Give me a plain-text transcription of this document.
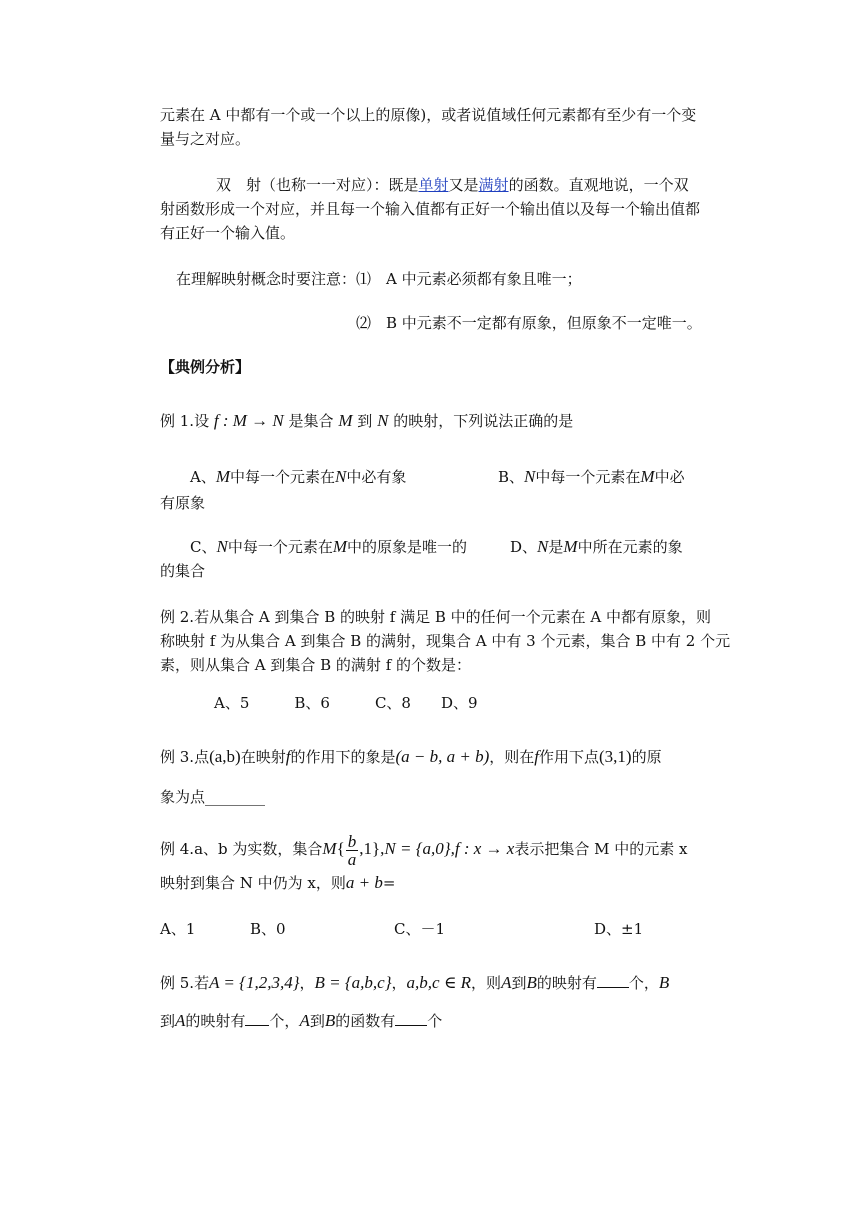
元素在 A 中都有一个或一个以上的原像)，或者说值域任何元素都有至少有一个变
量与之对应。
双　射（也称一一对应）：既是单射又是满射的函数。直观地说，一个双
射函数形成一个对应，并且每一个输入值都有正好一个输出值以及每一个输出值都
有正好一个输入值。
在理解映射概念时要注意：⑴　A 中元素必须都有象且唯一；
⑵　B 中元素不一定都有原象，但原象不一定唯一。
【典例分析】
例 1.设 f : M → N 是集合 M 到 N 的映射，下列说法正确的是
A、M中每一个元素在N中必有象	B、N中每一个元素在M中必
有原象
C、N中每一个元素在M中的原象是唯一的	D、N是M中所在元素的象
的集合
例 2.若从集合 A 到集合 B 的映射 f 满足 B 中的任何一个元素在 A 中都有原象，则
称映射 f 为从集合 A 到集合 B 的满射，现集合 A 中有 3 个元素，集合 B 中有 2 个元
素，则从集合 A 到集合 B 的满射 f 的个数是：
A、5　　　B、6　　　C、8　　D、9
例 3.点(a,b)在映射f的作用下的象是(a − b, a + b)，则在f作用下点(3,1)的原
象为点________
例 4.a、b 为实数，集合$M\{ \frac{b}{a} ,1\},N = \{a,0\},f$ : x → x表示把集合 M 中的元素 x
映射到集合 N 中仍为 x，则a + b=
A、1	B、0	C、－1	D、±1
例 5.若A = {1,2,3,4}，B = {a,b,c}，a,b,c ∈ R，则A到B的映射有 个，B
到A的映射有 个，A到B的函数有 个
